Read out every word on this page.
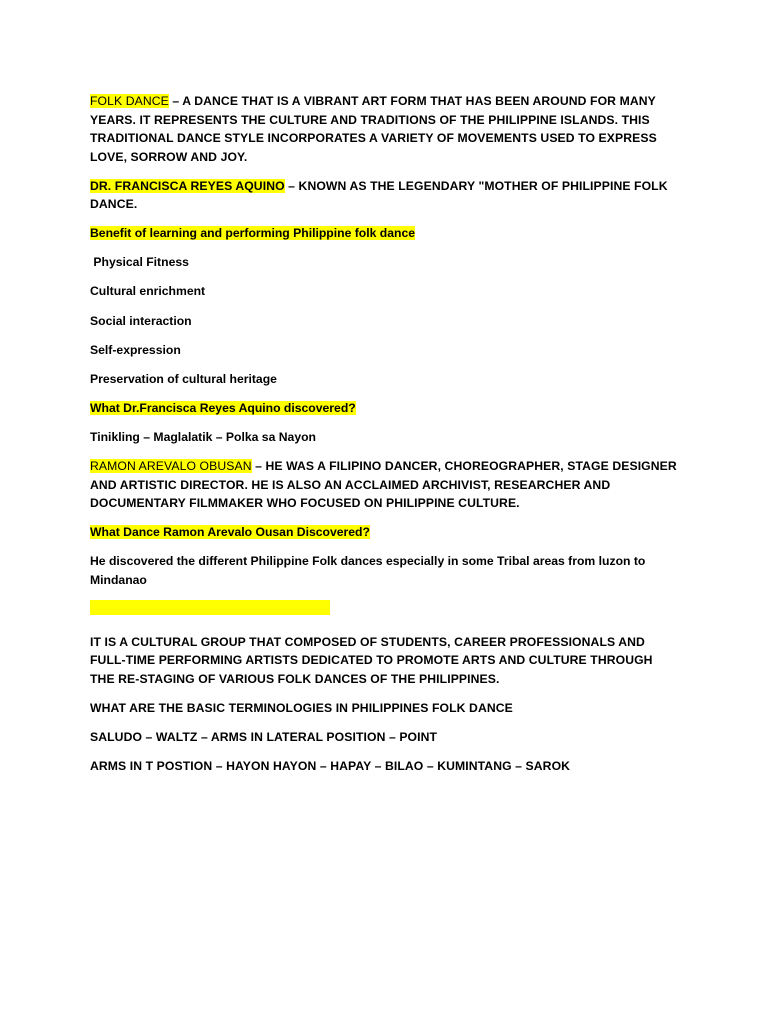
FOLK DANCE – A DANCE THAT IS A VIBRANT ART FORM THAT HAS BEEN AROUND FOR MANY YEARS. IT REPRESENTS THE CULTURE AND TRADITIONS OF THE PHILIPPINE ISLANDS. THIS TRADITIONAL DANCE STYLE INCORPORATES A VARIETY OF MOVEMENTS USED TO EXPRESS LOVE, SORROW AND JOY.

DR. FRANCISCA REYES AQUINO – KNOWN AS THE LEGENDARY "MOTHER OF PHILIPPINE FOLK DANCE.

Benefit of learning and performing Philippine folk dance

Physical Fitness

Cultural enrichment

Social interaction

Self-expression

Preservation of cultural heritage

What Dr.Francisca Reyes Aquino discovered?

Tinikling – Maglalatik – Polka sa Nayon

RAMON AREVALO OBUSAN – HE WAS A FILIPINO DANCER, CHOREOGRAPHER, STAGE DESIGNER AND ARTISTIC DIRECTOR. HE IS ALSO AN ACCLAIMED ARCHIVIST, RESEARCHER AND DOCUMENTARY FILMMAKER WHO FOCUSED ON PHILIPPINE CULTURE.

What Dance Ramon Arevalo Ousan Discovered?

He discovered the different Philippine Folk dances especially in some Tribal areas from luzon to Mindanao

IT IS A CULTURAL GROUP THAT COMPOSED OF STUDENTS, CAREER PROFESSIONALS AND FULL-TIME PERFORMING ARTISTS DEDICATED TO PROMOTE ARTS AND CULTURE THROUGH THE RE-STAGING OF VARIOUS FOLK DANCES OF THE PHILIPPINES.

WHAT ARE THE BASIC TERMINOLOGIES IN PHILIPPINES FOLK DANCE

SALUDO – WALTZ – ARMS IN LATERAL POSITION – POINT

ARMS IN T POSTION – HAYON HAYON – HAPAY – BILAO – KUMINTANG – SAROK
